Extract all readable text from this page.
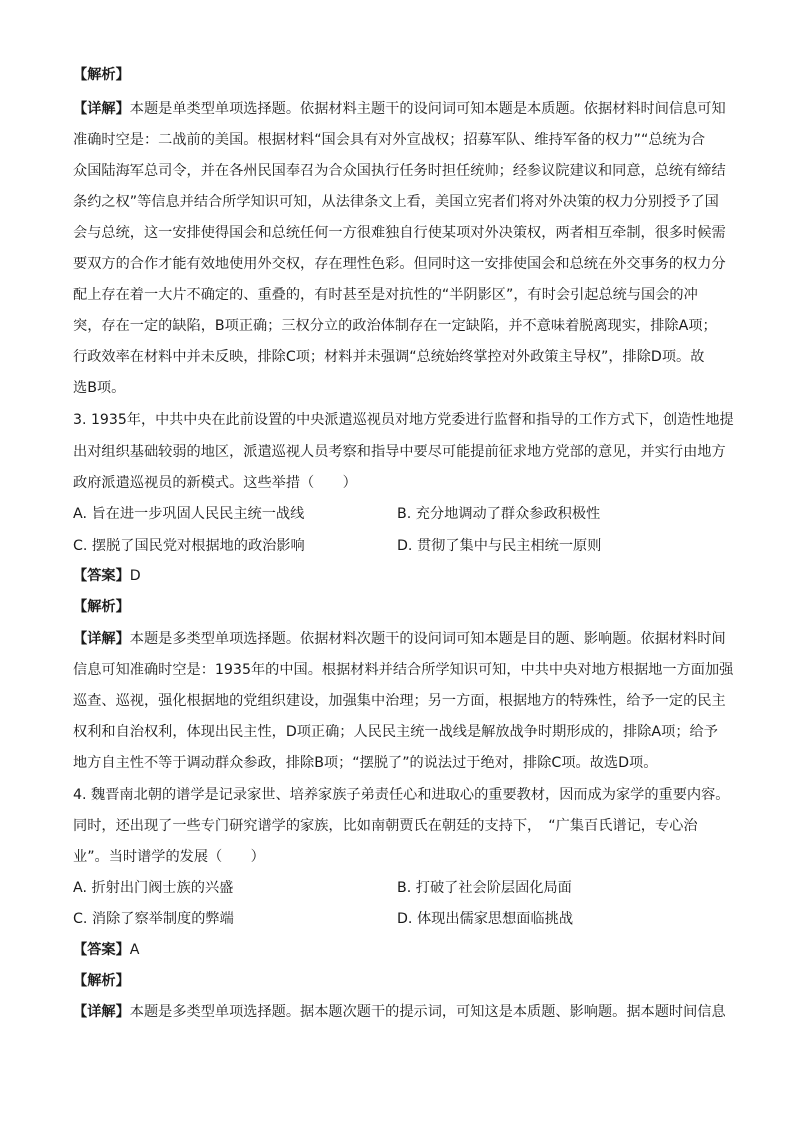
【解析】
【详解】本题是单类型单项选择题。依据材料主题干的设问词可知本题是本质题。依据材料时间信息可知
准确时空是：二战前的美国。根据材料“国会具有对外宣战权；招募军队、维持军备的权力”“总统为合
众国陆海军总司令，并在各州民国奉召为合众国执行任务时担任统帅；经参议院建议和同意，总统有缔结
条约之权”等信息并结合所学知识可知，从法律条文上看，美国立宪者们将对外决策的权力分别授予了国
会与总统，这一安排使得国会和总统任何一方很难独自行使某项对外决策权，两者相互牵制，很多时候需
要双方的合作才能有效地使用外交权，存在理性色彩。但同时这一安排使国会和总统在外交事务的权力分
配上存在着一大片不确定的、重叠的，有时甚至是对抗性的“半阴影区”，有时会引起总统与国会的冲
突，存在一定的缺陷，B项正确；三权分立的政治体制存在一定缺陷，并不意味着脱离现实，排除A项；
行政效率在材料中并未反映，排除C项；材料并未强调“总统始终掌控对外政策主导权”，排除D项。故
选B项。
3. 1935年，中共中央在此前设置的中央派遣巡视员对地方党委进行监督和指导的工作方式下，创造性地提
出对组织基础较弱的地区，派遣巡视人员考察和指导中要尽可能提前征求地方党部的意见，并实行由地方
政府派遣巡视员的新模式。这些举措（　　）
A. 旨在进一步巩固人民民主统一战线	B. 充分地调动了群众参政积极性
C. 摆脱了国民党对根据地的政治影响	D. 贯彻了集中与民主相统一原则
【答案】D
【解析】
【详解】本题是多类型单项选择题。依据材料次题干的设问词可知本题是目的题、影响题。依据材料时间
信息可知准确时空是：1935年的中国。根据材料并结合所学知识可知，中共中央对地方根据地一方面加强
巡查、巡视，强化根据地的党组织建设，加强集中治理；另一方面，根据地方的特殊性，给予一定的民主
权利和自治权利，体现出民主性，D项正确；人民民主统一战线是解放战争时期形成的，排除A项；给予
地方自主性不等于调动群众参政，排除B项；“摆脱了”的说法过于绝对，排除C项。故选D项。
4. 魏晋南北朝的谱学是记录家世、培养家族子弟责任心和进取心的重要教材，因而成为家学的重要内容。
同时，还出现了一些专门研究谱学的家族，比如南朝贾氏在朝廷的支持下，　“广集百氏谱记，专心治
业”。当时谱学的发展（　　）
A. 折射出门阀士族的兴盛	B. 打破了社会阶层固化局面
C. 消除了察举制度的弊端	D. 体现出儒家思想面临挑战
【答案】A
【解析】
【详解】本题是多类型单项选择题。据本题次题干的提示词，可知这是本质题、影响题。据本题时间信息
